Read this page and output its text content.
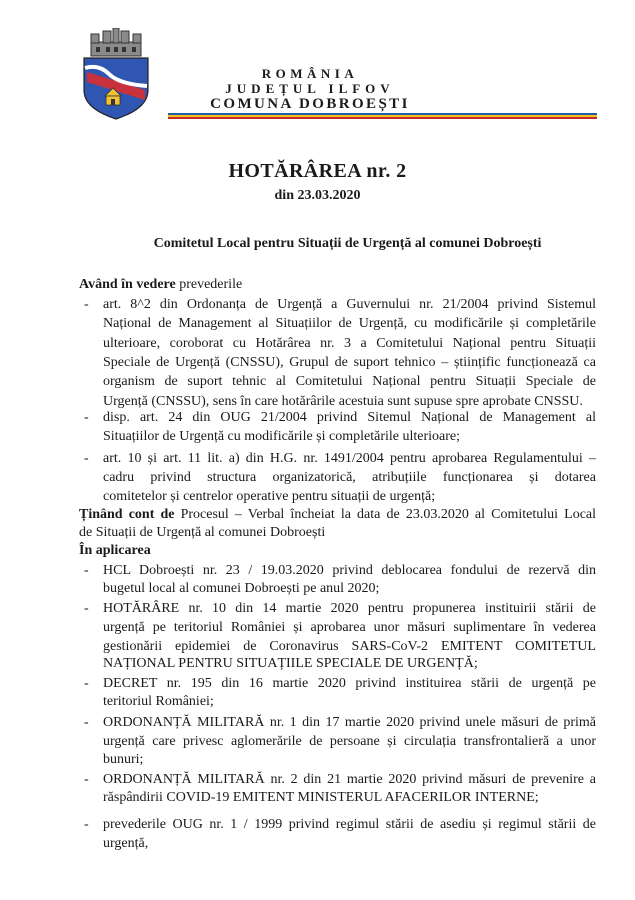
ROMÂNIA
JUDEȚUL ILFOV
COMUNA DOBROEȘTI
HOTĂRÂREA nr. 2
din 23.03.2020
Comitetul Local pentru Situații de Urgență al comunei Dobroești
Având în vedere prevederile
- art. 8^2 din Ordonanța de Urgență a Guvernului nr. 21/2004 privind Sistemul
Național de Management al Situațiilor de Urgență, cu modificările și completările
ulterioare, coroborat cu Hotărârea nr. 3 a Comitetului Național pentru Situații
Speciale de Urgență (CNSSU), Grupul de suport tehnico – științific funcționează ca
organism de suport tehnic al Comitetului Național pentru Situații Speciale de
Urgență (CNSSU), sens în care hotărârile acestuia sunt supuse spre aprobate CNSSU.
- disp. art. 24 din OUG 21/2004 privind Sitemul Național de Management al
Situațiilor de Urgență cu modificările și completările ulterioare;
- art. 10 și art. 11 lit. a) din H.G. nr. 1491/2004 pentru aprobarea Regulamentului –
cadru privind structura organizatorică, atribuțiile funcționarea și dotarea
comitetelor și centrelor operative pentru situații de urgență;
Ținând cont de Procesul – Verbal încheiat la data de 23.03.2020 al Comitetului Local
de Situații de Urgență al comunei Dobroești
În aplicarea
- HCL Dobroești nr. 23 / 19.03.2020 privind deblocarea fondului de rezervă din
bugetul local al comunei Dobroești pe anul 2020;
- HOTĂRÂRE nr. 10 din 14 martie 2020 pentru propunerea instituirii stării de
urgență pe teritoriul României și aprobarea unor măsuri suplimentare în vederea
gestionării epidemiei de Coronavirus SARS-CoV-2 EMITENT COMITETUL
NAȚIONAL PENTRU SITUAȚIILE SPECIALE DE URGENȚĂ;
- DECRET nr. 195 din 16 martie 2020 privind instituirea stării de urgență pe
teritoriul României;
- ORDONANȚĂ MILITARĂ nr. 1 din 17 martie 2020 privind unele măsuri de primă
urgență care privesc aglomerările de persoane și circulația transfrontalieră a unor
bunuri;
- ORDONANȚĂ MILITARĂ nr. 2 din 21 martie 2020 privind măsuri de prevenire a
răspândirii COVID-19 EMITENT MINISTERUL AFACERILOR INTERNE;
- prevederile OUG nr. 1 / 1999 privind regimul stării de asediu și regimul stării de
urgență,
